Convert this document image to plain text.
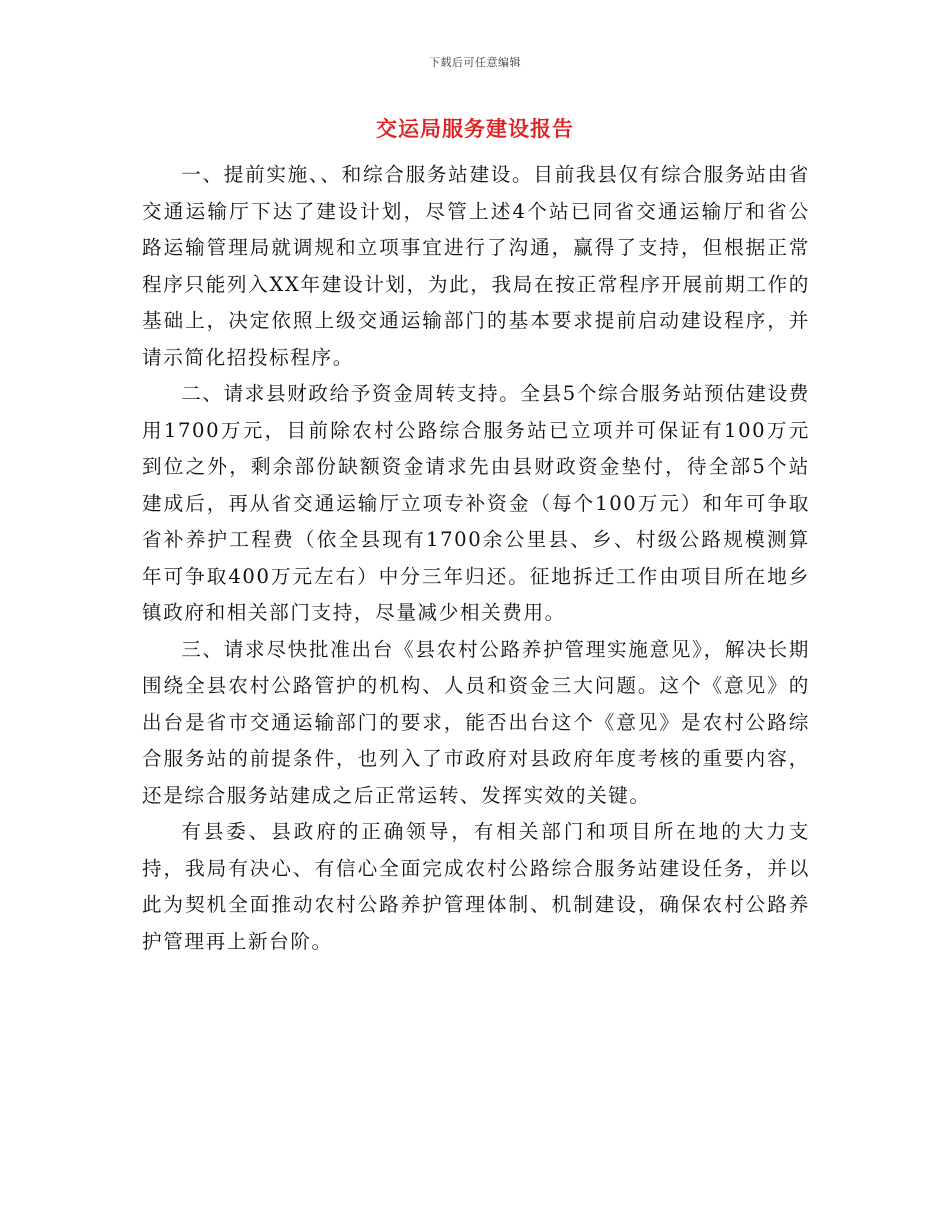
下载后可任意编辑
交运局服务建设报告

一、提前实施、、和综合服务站建设。目前我县仅有综合服务站由省交通运输厅下达了建设计划，尽管上述4个站已同省交通运输厅和省公路运输管理局就调规和立项事宜进行了沟通，赢得了支持，但根据正常程序只能列入XX年建设计划，为此，我局在按正常程序开展前期工作的基础上，决定依照上级交通运输部门的基本要求提前启动建设程序，并请示简化招投标程序。

二、请求县财政给予资金周转支持。全县5个综合服务站预估建设费用1700万元，目前除农村公路综合服务站已立项并可保证有100万元到位之外，剩余部份缺额资金请求先由县财政资金垫付，待全部5个站建成后，再从省交通运输厅立项专补资金（每个100万元）和年可争取省补养护工程费（依全县现有1700余公里县、乡、村级公路规模测算年可争取400万元左右）中分三年归还。征地拆迁工作由项目所在地乡镇政府和相关部门支持，尽量减少相关费用。

三、请求尽快批准出台《县农村公路养护管理实施意见》，解决长期围绕全县农村公路管护的机构、人员和资金三大问题。这个《意见》的出台是省市交通运输部门的要求，能否出台这个《意见》是农村公路综合服务站的前提条件，也列入了市政府对县政府年度考核的重要内容，还是综合服务站建成之后正常运转、发挥实效的关键。

有县委、县政府的正确领导，有相关部门和项目所在地的大力支持，我局有决心、有信心全面完成农村公路综合服务站建设任务，并以此为契机全面推动农村公路养护管理体制、机制建设，确保农村公路养护管理再上新台阶。
